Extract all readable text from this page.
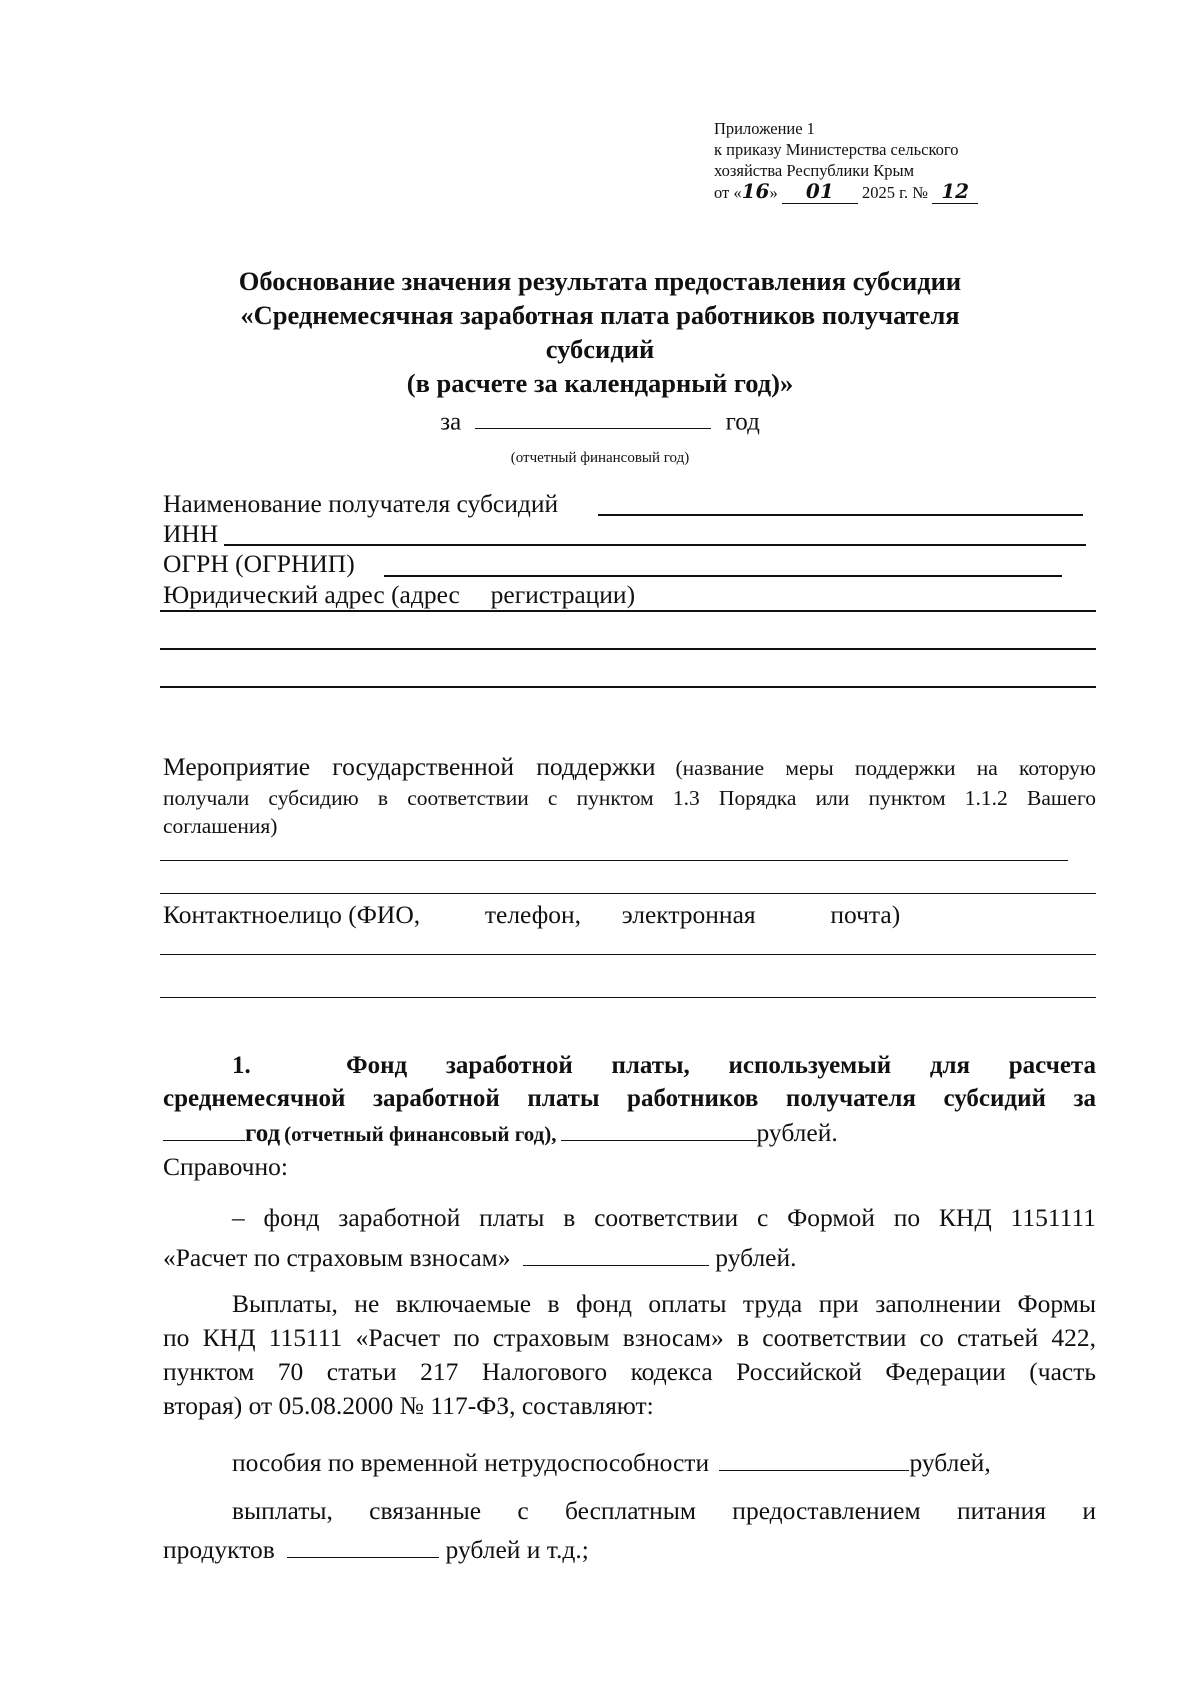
Приложение 1
к приказу Министерства сельского
хозяйства Республики Крым
от «16» 01 2025 г. № 12
Обоснование значения результата предоставления субсидии
«Среднемесячная заработная плата работников получателя
субсидий
(в расчете за календарный год)»
за	год
(отчетный финансовый год)
Наименование получателя субсидий
ИНН
ОГРН (ОГРНИП)
Юридический адрес (адрес регистрации)
Мероприятие государственной поддержки (название меры поддержки на которую
получали субсидию в соответствии с пунктом 1.3 Порядка или пунктом 1.1.2 Вашего
соглашения)
Контактноелицо (ФИО,	телефон, электронная	почта)
1.	Фонд заработной платы, используемый для расчета
среднемесячной заработной платы работников получателя субсидий за
год (отчетный финансовый год),	рублей.
Справочно:
– фонд заработной платы в соответствии с Формой по КНД 1151111
«Расчет по страховым взносам»	рублей.
Выплаты, не включаемые в фонд оплаты труда при заполнении Формы
по КНД 115111 «Расчет по страховым взносам» в соответствии со статьей 422,
пунктом 70 статьи 217 Налогового кодекса Российской Федерации (часть
вторая) от 05.08.2000 № 117-ФЗ, составляют:
пособия по временной нетрудоспособности	рублей,
выплаты, связанные с бесплатным предоставлением питания и
продуктов	рублей и т.д.;
